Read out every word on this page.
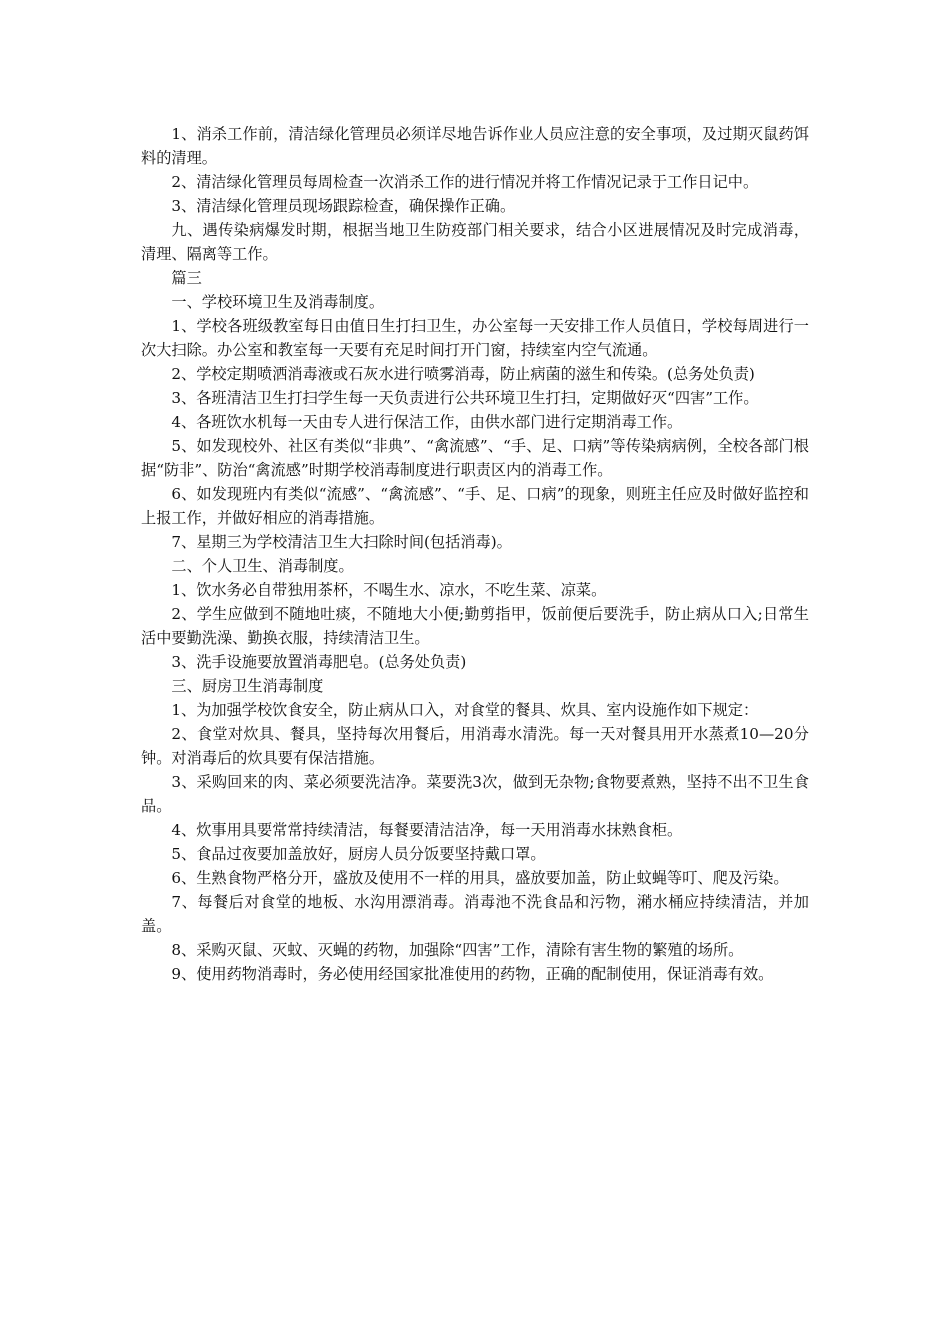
1、消杀工作前，清洁绿化管理员必须详尽地告诉作业人员应注意的安全事项，及过期灭鼠药饵料的清理。

2、清洁绿化管理员每周检查一次消杀工作的进行情况并将工作情况记录于工作日记中。

3、清洁绿化管理员现场跟踪检查，确保操作正确。

九、遇传染病爆发时期，根据当地卫生防疫部门相关要求，结合小区进展情况及时完成消毒，清理、隔离等工作。

篇三

一、学校环境卫生及消毒制度。

1、学校各班级教室每日由值日生打扫卫生，办公室每一天安排工作人员值日，学校每周进行一次大扫除。办公室和教室每一天要有充足时间打开门窗，持续室内空气流通。

2、学校定期喷洒消毒液或石灰水进行喷雾消毒，防止病菌的滋生和传染。(总务处负责)

3、各班清洁卫生打扫学生每一天负责进行公共环境卫生打扫，定期做好灭“四害”工作。

4、各班饮水机每一天由专人进行保洁工作，由供水部门进行定期消毒工作。

5、如发现校外、社区有类似“非典”、“禽流感”、“手、足、口病”等传染病病例，全校各部门根据“防非”、防治“禽流感”时期学校消毒制度进行职责区内的消毒工作。

6、如发现班内有类似“流感”、“禽流感”、“手、足、口病”的现象，则班主任应及时做好监控和上报工作，并做好相应的消毒措施。

7、星期三为学校清洁卫生大扫除时间(包括消毒)。

二、个人卫生、消毒制度。

1、饮水务必自带独用茶杯，不喝生水、凉水，不吃生菜、凉菜。

2、学生应做到不随地吐痰，不随地大小便;勤剪指甲，饭前便后要洗手，防止病从口入;日常生活中要勤洗澡、勤换衣服，持续清洁卫生。

3、洗手设施要放置消毒肥皂。(总务处负责)

三、厨房卫生消毒制度

1、为加强学校饮食安全，防止病从口入，对食堂的餐具、炊具、室内设施作如下规定：

2、食堂对炊具、餐具，坚持每次用餐后，用消毒水清洗。每一天对餐具用开水蒸煮10—20分钟。对消毒后的炊具要有保洁措施。

3、采购回来的肉、菜必须要洗洁净。菜要洗3次，做到无杂物;食物要煮熟，坚持不出不卫生食品。

4、炊事用具要常常持续清洁，每餐要清洁洁净，每一天用消毒水抹熟食柜。

5、食品过夜要加盖放好，厨房人员分饭要坚持戴口罩。

6、生熟食物严格分开，盛放及使用不一样的用具，盛放要加盖，防止蚊蝇等叮、爬及污染。

7、每餐后对食堂的地板、水沟用漂消毒。消毒池不洗食品和污物，潲水桶应持续清洁，并加盖。

8、采购灭鼠、灭蚊、灭蝇的药物，加强除“四害”工作，清除有害生物的繁殖的场所。

9、使用药物消毒时，务必使用经国家批准使用的药物，正确的配制使用，保证消毒有效。
